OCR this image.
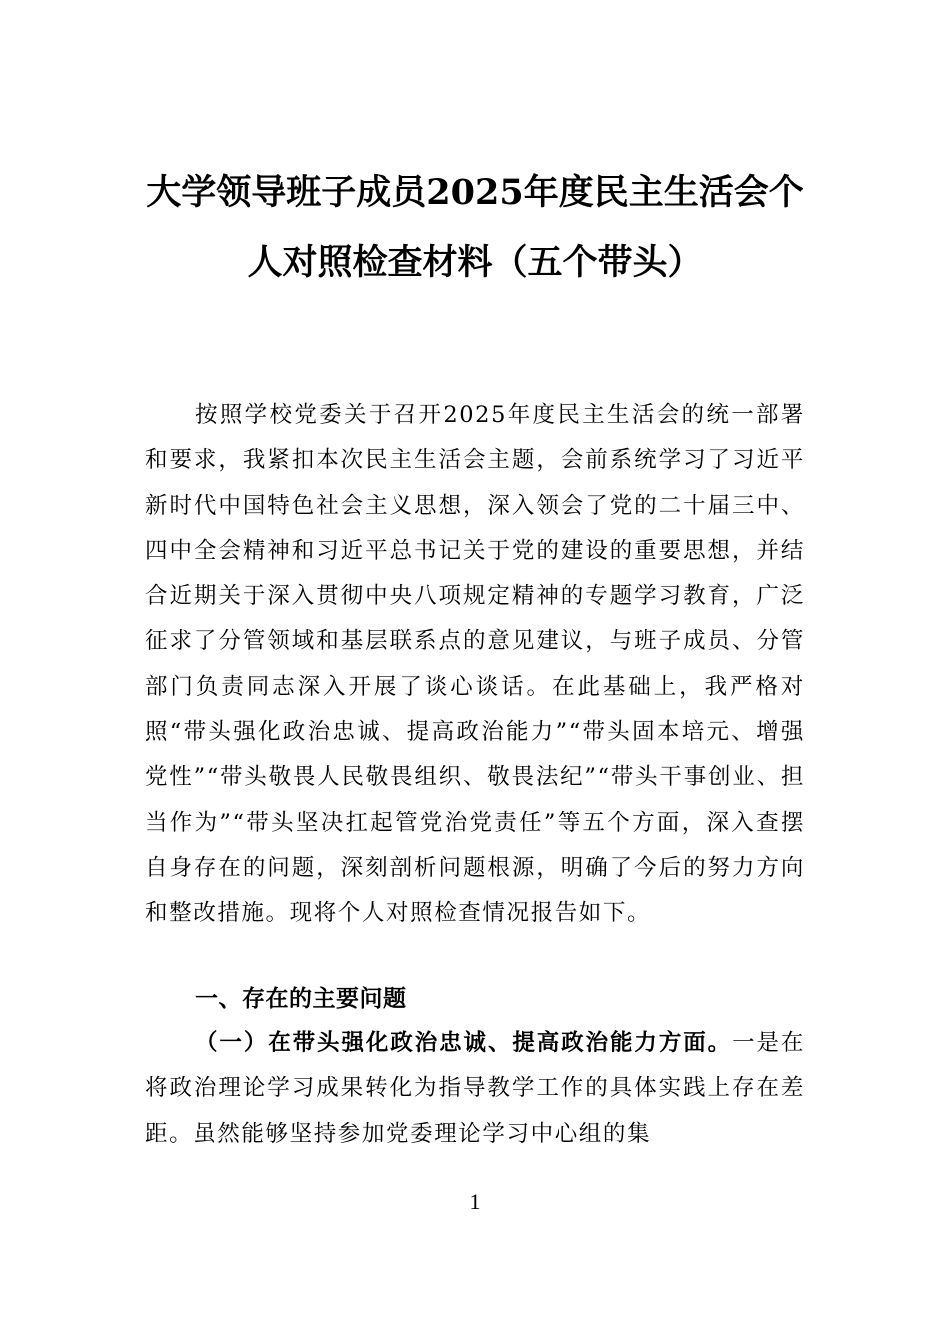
大学领导班子成员2025年度民主生活会个
人对照检查材料（五个带头）

按照学校党委关于召开2025年度民主生活会的统一部署和要求，我紧扣本次民主生活会主题，会前系统学习了习近平新时代中国特色社会主义思想，深入领会了党的二十届三中、四中全会精神和习近平总书记关于党的建设的重要思想，并结合近期关于深入贯彻中央八项规定精神的专题学习教育，广泛征求了分管领域和基层联系点的意见建议，与班子成员、分管部门负责同志深入开展了谈心谈话。在此基础上，我严格对照“带头强化政治忠诚、提高政治能力”“带头固本培元、增强党性”“带头敬畏人民敬畏组织、敬畏法纪”“带头干事创业、担当作为”“带头坚决扛起管党治党责任”等五个方面，深入查摆自身存在的问题，深刻剖析问题根源，明确了今后的努力方向和整改措施。现将个人对照检查情况报告如下。

一、存在的主要问题

（一）在带头强化政治忠诚、提高政治能力方面。一是在将政治理论学习成果转化为指导教学工作的具体实践上存在差距。虽然能够坚持参加党委理论学习中心组的集

1
